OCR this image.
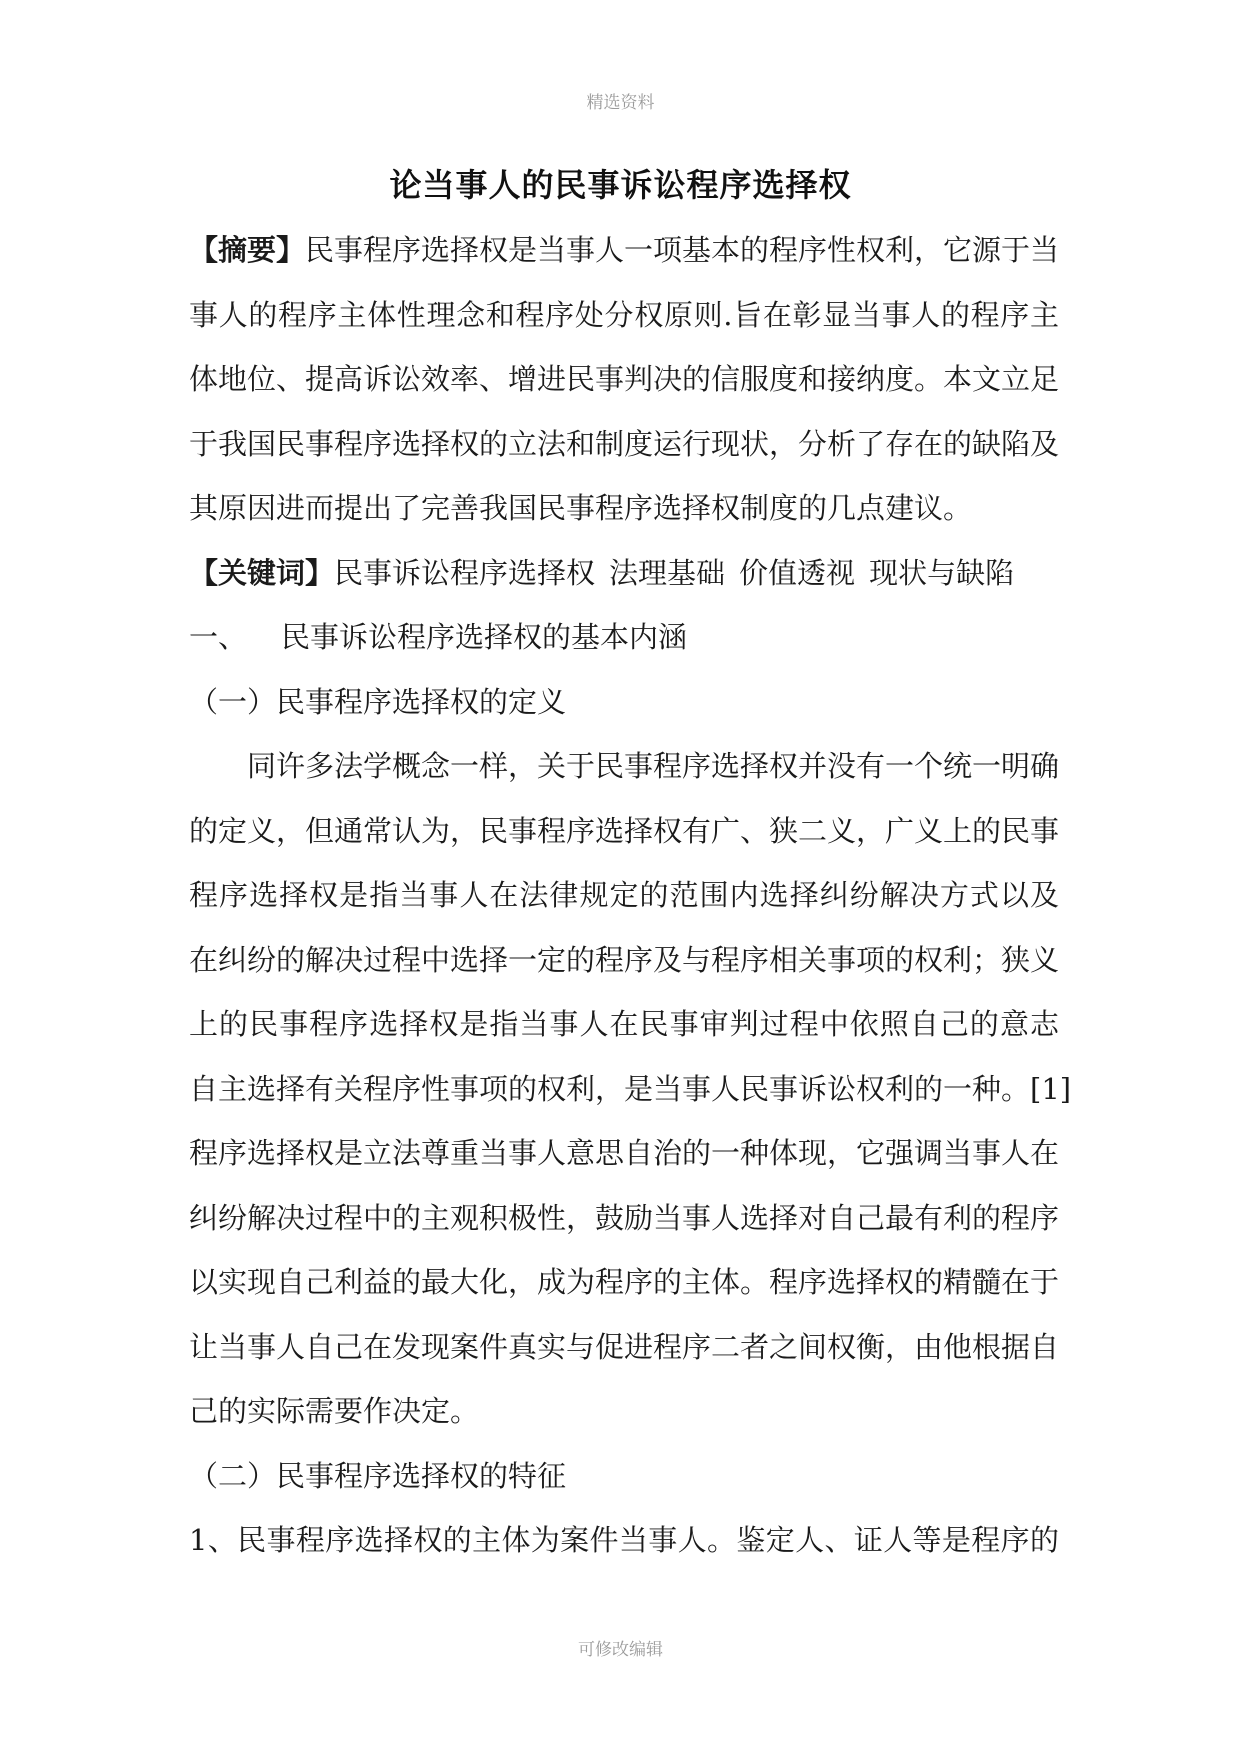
精选资料
论当事人的民事诉讼程序选择权
【摘要】民事程序选择权是当事人一项基本的程序性权利，它源于当
事人的程序主体性理念和程序处分权原则.旨在彰显当事人的程序主
体地位、提高诉讼效率、增进民事判决的信服度和接纳度。本文立足
于我国民事程序选择权的立法和制度运行现状，分析了存在的缺陷及
其原因进而提出了完善我国民事程序选择权制度的几点建议。
【关键词】民事诉讼程序选择权 法理基础 价值透视 现状与缺陷
一、 民事诉讼程序选择权的基本内涵
（一）民事程序选择权的定义
同许多法学概念一样，关于民事程序选择权并没有一个统一明确
的定义，但通常认为，民事程序选择权有广、狭二义，广义上的民事
程序选择权是指当事人在法律规定的范围内选择纠纷解决方式以及
在纠纷的解决过程中选择一定的程序及与程序相关事项的权利；狭义
上的民事程序选择权是指当事人在民事审判过程中依照自己的意志
自主选择有关程序性事项的权利，是当事人民事诉讼权利的一种。[1]
程序选择权是立法尊重当事人意思自治的一种体现，它强调当事人在
纠纷解决过程中的主观积极性，鼓励当事人选择对自己最有利的程序
以实现自己利益的最大化，成为程序的主体。程序选择权的精髓在于
让当事人自己在发现案件真实与促进程序二者之间权衡，由他根据自
己的实际需要作决定。
（二）民事程序选择权的特征
1、民事程序选择权的主体为案件当事人。鉴定人、证人等是程序的
可修改编辑
